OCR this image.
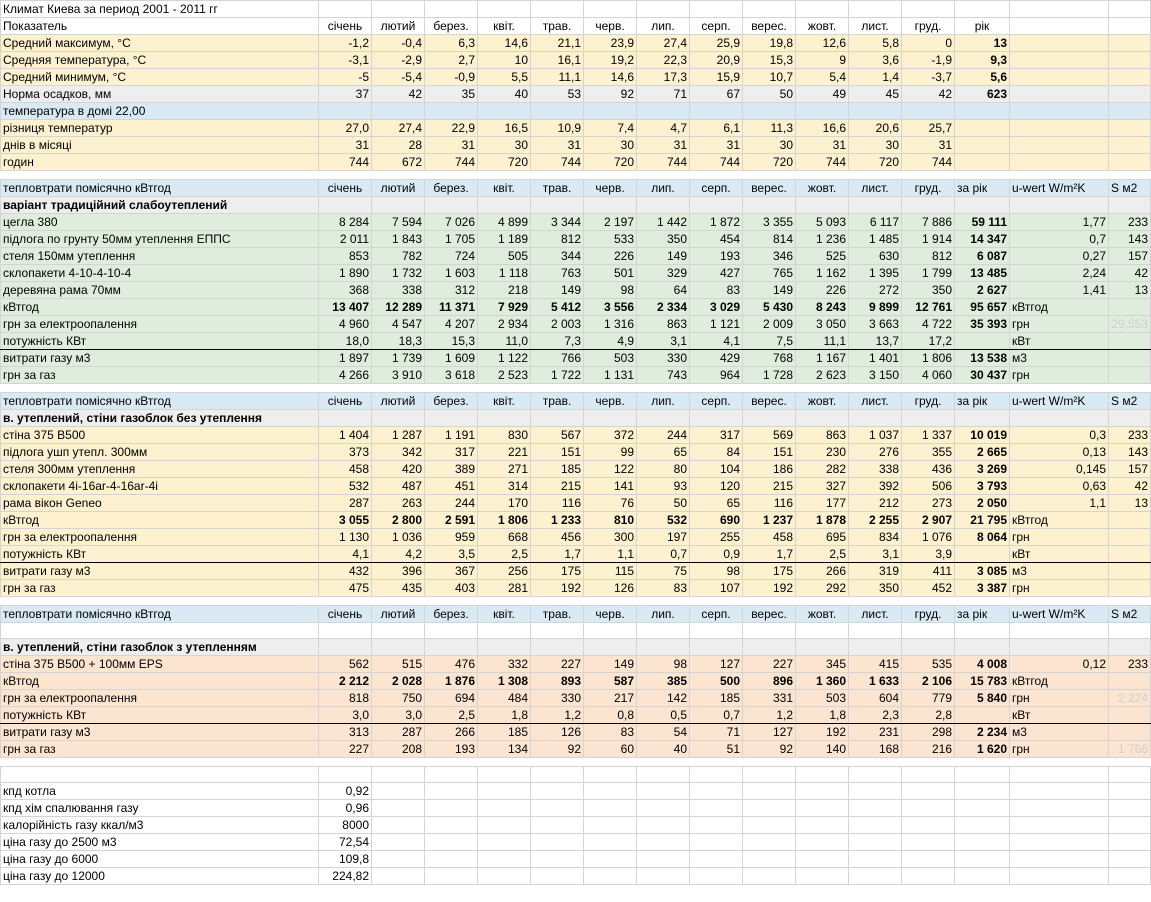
Климат Киева за период 2001 - 2011 гг															
Показатель	січень	лютий	берез.	квіт.	трав.	черв.	лип.	серп.	верес.	жовт.	лист.	груд.	рік		
Средний максимум, °C	-1,2	-0,4	6,3	14,6	21,1	23,9	27,4	25,9	19,8	12,6	5,8	0	13		
Средняя температура, °C	-3,1	-2,9	2,7	10	16,1	19,2	22,3	20,9	15,3	9	3,6	-1,9	9,3		
Средний минимум, °C	-5	-5,4	-0,9	5,5	11,1	14,6	17,3	15,9	10,7	5,4	1,4	-3,7	5,6		
Норма осадков, мм	37	42	35	40	53	92	71	67	50	49	45	42	623		
температура в домі 22,00															
різниця температур	27,0	27,4	22,9	16,5	10,9	7,4	4,7	6,1	11,3	16,6	20,6	25,7			
днів в місяці	31	28	31	30	31	30	31	31	30	31	30	31			
годин	744	672	744	720	744	720	744	744	720	744	720	744			

тепловтрати помісячно кВтгод	січень	лютий	берез.	квіт.	трав.	черв.	лип.	серп.	верес.	жовт.	лист.	груд.	за рік	u-wert W/m²K	S м2
варіант традиційний слабоутеплений															
цегла 380	8 284	7 594	7 026	4 899	3 344	2 197	1 442	1 872	3 355	5 093	6 117	7 886	59 111	1,77	233
підлога по грунту 50мм утеплення ЕППС	2 011	1 843	1 705	1 189	812	533	350	454	814	1 236	1 485	1 914	14 347	0,7	143
стеля 150мм утеплення	853	782	724	505	344	226	149	193	346	525	630	812	6 087	0,27	157
склопакети 4-10-4-10-4	1 890	1 732	1 603	1 118	763	501	329	427	765	1 162	1 395	1 799	13 485	2,24	42
деревяна рама 70мм	368	338	312	218	149	98	64	83	149	226	272	350	2 627	1,41	13
кВтгод	13 407	12 289	11 371	7 929	5 412	3 556	2 334	3 029	5 430	8 243	9 899	12 761	95 657	кВтгод	
грн за електроопалення	4 960	4 547	4 207	2 934	2 003	1 316	863	1 121	2 009	3 050	3 663	4 722	35 393	грн	29,553
потужність КВт	18,0	18,3	15,3	11,0	7,3	4,9	3,1	4,1	7,5	11,1	13,7	17,2		кВт	
витрати газу м3	1 897	1 739	1 609	1 122	766	503	330	429	768	1 167	1 401	1 806	13 538	м3	
грн за газ	4 266	3 910	3 618	2 523	1 722	1 131	743	964	1 728	2 623	3 150	4 060	30 437	грн	

тепловтрати помісячно кВтгод	січень	лютий	берез.	квіт.	трав.	черв.	лип.	серп.	верес.	жовт.	лист.	груд.	за рік	u-wert W/m²K	S м2
в. утеплений, стіни газоблок без утеплення															
стіна 375 В500	1 404	1 287	1 191	830	567	372	244	317	569	863	1 037	1 337	10 019	0,3	233
підлога ушп утепл. 300мм	373	342	317	221	151	99	65	84	151	230	276	355	2 665	0,13	143
стеля 300мм утеплення	458	420	389	271	185	122	80	104	186	282	338	436	3 269	0,145	157
склопакети 4i-16ar-4-16ar-4i	532	487	451	314	215	141	93	120	215	327	392	506	3 793	0,63	42
рама вікон Geneo	287	263	244	170	116	76	50	65	116	177	212	273	2 050	1,1	13
кВтгод	3 055	2 800	2 591	1 806	1 233	810	532	690	1 237	1 878	2 255	2 907	21 795	кВтгод	
грн за електроопалення	1 130	1 036	959	668	456	300	197	255	458	695	834	1 076	8 064	грн	
потужність КВт	4,1	4,2	3,5	2,5	1,7	1,1	0,7	0,9	1,7	2,5	3,1	3,9		кВт	
витрати газу м3	432	396	367	256	175	115	75	98	175	266	319	411	3 085	м3	
грн за газ	475	435	403	281	192	126	83	107	192	292	350	452	3 387	грн	

тепловтрати помісячно кВтгод	січень	лютий	берез.	квіт.	трав.	черв.	лип.	серп.	верес.	жовт.	лист.	груд.	за рік	u-wert W/m²K	S м2

в. утеплений, стіни газоблок з утепленням															
стіна 375 В500 + 100мм EPS	562	515	476	332	227	149	98	127	227	345	415	535	4 008	0,12	233
кВтгод	2 212	2 028	1 876	1 308	893	587	385	500	896	1 360	1 633	2 106	15 783	кВтгод	
грн за електроопалення	818	750	694	484	330	217	142	185	331	503	604	779	5 840	грн	2 224
потужність КВт	3,0	3,0	2,5	1,8	1,2	0,8	0,5	0,7	1,2	1,8	2,3	2,8		кВт	
витрати газу м3	313	287	266	185	126	83	54	71	127	192	231	298	2 234	м3	
грн за газ	227	208	193	134	92	60	40	51	92	140	168	216	1 620	грн	1 766

кпд котла	0,92														
кпд хім спалювання газу	0,96														
калорійність газу ккал/м3	8000														
ціна газу до 2500 м3	72,54														
ціна газу до 6000	109,8														
ціна газу до 12000	224,82														
